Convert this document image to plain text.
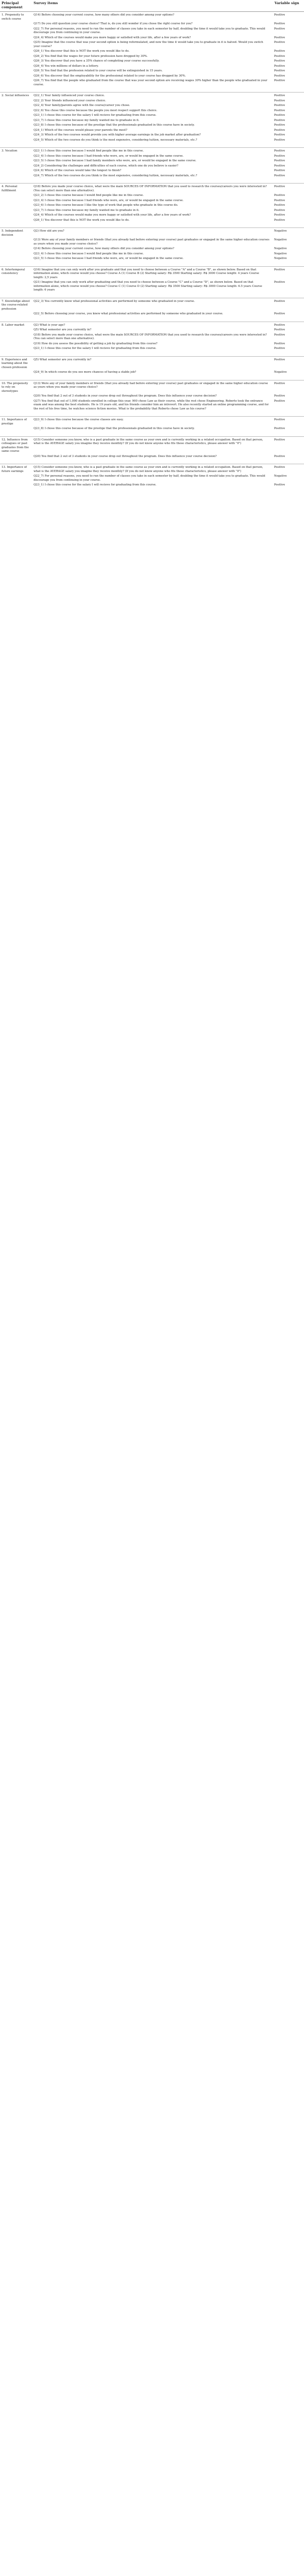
Principal component	Survey items	Variable sign
1. Propensity to switch course	Q14) Before choosing your current course, how many others did you consider among your options?	Positive
	Q17) Do you still question your course choice? That is, do you still wonder if you chose the right course for you?	Positive
	Q22_7) For personal reasons, you need to run the number of classes you take in each semester by half, doubling the time it would take you to graduate. This would discourage you from continuing in your course.	Positive
	Q24_4) Which of the courses would make you more happy or satisfied with your life, after a few years of work?	Positive
	Q25) Imagine that the course that was your second option is being reformulated, and now the time it would take you to graduate in it is halved. Would you switch your course?	Positive
	Q26_1) You discover that this is NOT the work you would like to do.	Positive
	Q26_2) You find that the wages for your future profession have dropped by 30%.	Positive
	Q26_3) You discover that you have a 35% chance of completing your course successfully.	Positive
	Q26_4) You win millions of dollars in a lottery.	Positive
	Q26_5) You find that the profession related to your course will be extinguished in 15 years.	Positive
	Q26_6) You discover that the employability for the professional related to your course has dropped by 30%.	Positive
	Q26_7) You find that the people who graduated from the course that was your second option are receiving wages 30% higher than the people who graduated in your course.	Positive
2. Social influences	Q22_1) Your family influenced your course choice.	Positive
	Q22_2) Your friends influenced your course choice.	Positive
	Q22_4) Your family/parents agree with the course/career you chose.	Positive
	Q22_6) You chose this course because the people you most respect support this choice.	Positive
	Q23_1) I chose this course for the salary I will recieve for graduating from this course.	Positive
	Q23_7) I chose this course because my family wanted me to graduate in it.	Positive
	Q23_8) I chose this course because of the prestige that the professionals graduated in this course have in society.	Positive
	Q24_1) Which of the courses would please your parents the most?	Positive
	Q24_3) Which of the two courses would provide you with higher average earnings in the job market after graduation?	Positive
	Q24_5) Which of the two courses do you think is the most expensive, considering tuition, necessary materials, etc.?	Positive
3. Vocation	Q23_1) I chose this course because I would find people like me in this course.	Positive
	Q23_4) I chose this course because I had friends who were, are, or would be engaged in the same course.	Positive
	Q23_5) I chose this course because I had family members who were, are, or would be engaged in the same course.	Positive
	Q24_2) Considering the challenges and difficulties of each course, which one do you believe is easier?	Positive
	Q24_6) Which of the courses would take the longest to finish?	Positive
	Q24_7) Which of the two courses do you think is the most expensive, considering tuition, necessary materials, etc.?	Positive
4. Personal fulfillment	Q18) Before you made your course choice, what were the main SOURCES OF INFORMATION that you used to research the courses/careers you were interested in? (You can select more than one alternative).	Positive
	Q23_2) I chose this course because I would find people like me in this course.	Positive
	Q23_4) I chose this course because I had friends who were, are, or would be engaged in the same course.	Positive
	Q23_6) I chose this course because I like the type of work that people who graduate in this course do.	Positive
	Q23_7) I chose this course because my family wanted me to graduate in it.	Positive
	Q24_4) Which of the courses would make you more happy or satisfied with your life, after a few years of work?	Positive
	Q26_1) You discover that this is NOT the work you would like to do.	Positive
5. Independent decision	Q2) How old are you?	Negative
	Q13) Were any of your family members or friends (that you already had before entering your course) past graduates or engaged in the same higher education courses as yours when you made your course choice?	Negative
	Q14) Before choosing your current course, how many others did you consider among your options?	Negative
	Q23_4) I chose this course because I would find people like me in this course.	Negative
	Q23_5) I chose this course because I had friends who were, are, or would be engaged in the same course.	Negative
6. Intertemporal consistency	Q16) Imagine that you can only work after you graduate and that you need to choose between a Course "A" and a Course "B", as shown below. Based on that information alone, which course would you choose? Course A (1) Course B (2) Starting salary: R$ 3500 Starting salary: R$ 3000 Course length: 4 years Course length: 2,5 years	Positive
	Q21) Imagine that you can only work after graduating and that you need to choose between a Course "C" and a Course "D", as shown below. Based on that information alone, which course would you choose? Course C (1) Course D (2) Starting salary: R$ 3500 Starting salary: R$ 3000 Course length: 6.5 years Course length: 6 years	Positive
7. Knowledge about the course-related profession	Q22_3) You currently know what professional activities are performed by someone who graduated in your course.	Positive
	Q22_5) Before choosing your course, you knew what professional activities are performed by someone who graduated in your course.	Positive
8. Labor market	Q2) What is your age?	Positive
	Q5) What semester are you currently in?	Positive
	Q18) Before you made your course choice, what were the main SOURCES OF INFORMATION that you used to research the courses/careers you were interested in? (You can select more than one alternative).	Positive
	Q19) How do you assess the possibility of getting a job by graduating from this course?	Positive
	Q23_1) I chose this course for the salary I will recieve for graduating from this course.	Positive
9. Experience and learning about the chosen profession	Q5) What semester are you currently in?	Positive
	Q24_9) In which course do you see more chances of having a stable job?	Negative
10. The propensity to rely on stereotypes	Q13) Were any of your family members or friends (that you already had before entering your course) past graduates or engaged in the same higher education course as yours when you made your course choice?	Positive
	Q20) You find that 2 out of 3 students in your course drop out throughout the program. Does this influence your course decision?	Positive
	Q27) You find that out of 1,000 students enrolled in college this year, 900 chose Law as their course, while the rest chose Engineering. Roberto took the entrance exam and was among the best students. He is 19 years old, and his friends consider him an introvert. He also recently started an online programming course, and for the rest of his free time, he watches science fiction movies. What is the probability that Roberto chose Law as his course?	Positive
11. Importance of prestige	Q23_9) I chose this course because the course classes are easy.	Positive
	Q23_8) I chose this course because of the prestige that the professionals graduated in this course have in society.	Positive
12. Influence from colleagues or past graduates from the same course	Q15) Consider someone you know, who is a past graduate in the same course as your own and is currently working in a related occupation. Based on that person, what is the AVERAGE salary you imagine they receive monthly? (If you do not know anyone who fits these characteristics, please answer with "0")	Positive
	Q20) You find that 2 out of 3 students in your course drop out throughout the program. Does this influence your course decision?	Positive
13. Importance of future earnings	Q15) Consider someone you know, who is a past graduate in the same course as your own and is currently working in a related occupation. Based on that person, what is the AVERAGE salary you imagine they receive monthly? (If you do not know anyone who fits these characteristics, please answer with "0")	Positive
	Q22_7) For personal reasons, you need to run the number of classes you take in each semester by half, doubling the time it would take you to graduate. This would discourage you from continuing in your course.	Negative
	Q23_1) I chose this course for the salary I will recieve for graduating from this course.	Positive
